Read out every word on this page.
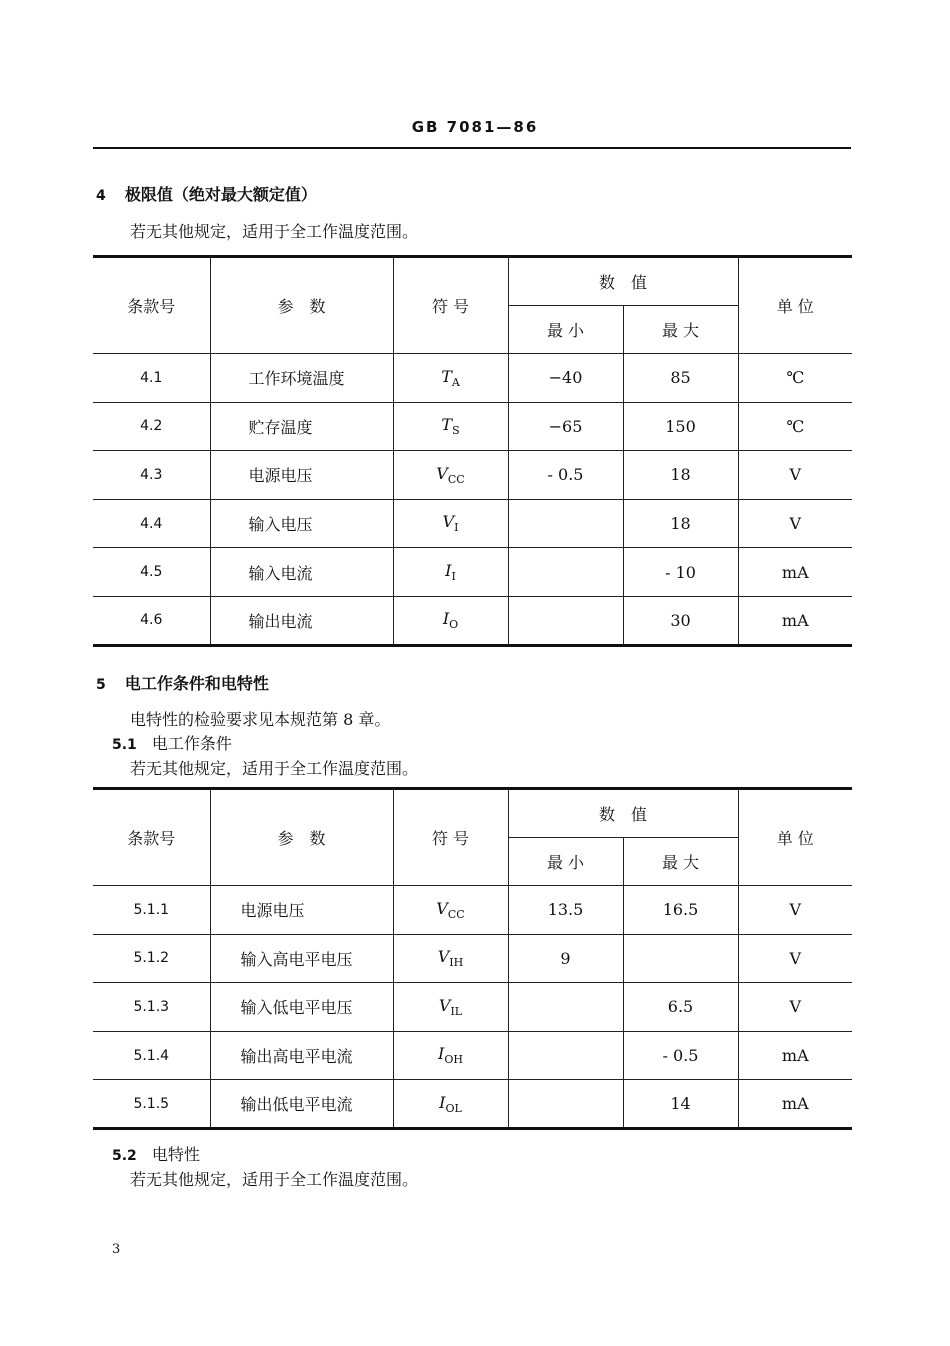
GB 7081—86
4 极限值（绝对最大额定值）
若无其他规定，适用于全工作温度范围。
条款号	参　数	符 号	数　值		单 位
			最 小	最 大	
4.1	工作环境温度	$T_A$	−40	85	℃
4.2	贮存温度	$T_S$	−65	150	℃
4.3	电源电压	$V_{CC}$	- 0.5	18	V
4.4	输入电压	$V_I$		18	V
4.5	输入电流	$I_I$		- 10	mA
4.6	输出电流	$I_O$		30	mA
5 电工作条件和电特性
电特性的检验要求见本规范第 8 章。
5.1 电工作条件
若无其他规定，适用于全工作温度范围。
条款号	参　数	符 号	数　值		单 位
			最 小	最 大	
5.1.1	电源电压	$V_{CC}$	13.5	16.5	V
5.1.2	输入高电平电压	$V_{IH}$	9		V
5.1.3	输入低电平电压	$V_{IL}$		6.5	V
5.1.4	输出高电平电流	$I_{OH}$		- 0.5	mA
5.1.5	输出低电平电流	$I_{OL}$		14	mA
5.2 电特性
若无其他规定，适用于全工作温度范围。
3
